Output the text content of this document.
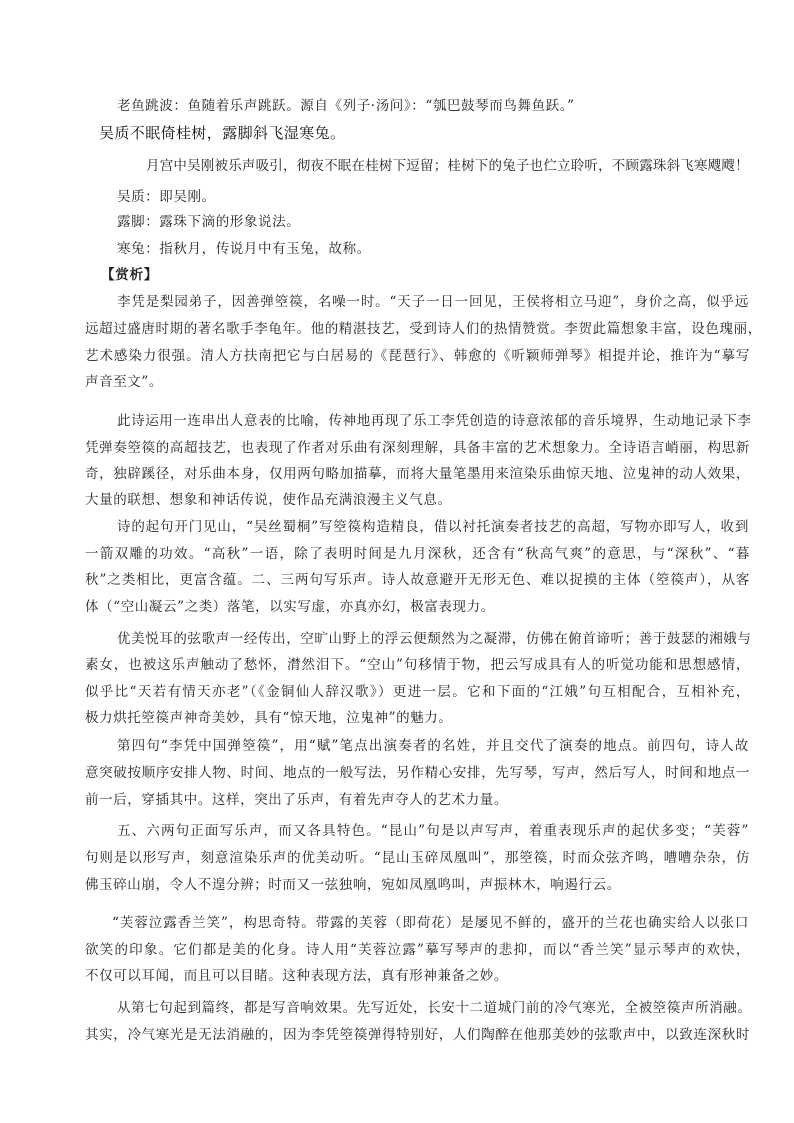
老鱼跳波：鱼随着乐声跳跃。源自《列子·汤问》：“瓠巴鼓琴而鸟舞鱼跃。”
吴质不眠倚桂树，露脚斜飞湿寒兔。
月宫中吴刚被乐声吸引，彻夜不眠在桂树下逗留；桂树下的兔子也伫立聆听，不顾露珠斜飞寒飕飕！
吴质：即吴刚。
露脚：露珠下滴的形象说法。
寒兔：指秋月，传说月中有玉兔，故称。
【赏析】
李凭是梨园弟子，因善弹箜篌，名噪一时。“天子一日一回见，王侯将相立马迎”，身价之高，似乎远
远超过盛唐时期的著名歌手李龟年。他的精湛技艺，受到诗人们的热情赞赏。李贺此篇想象丰富，设色瑰丽，
艺术感染力很强。清人方扶南把它与白居易的《琵琶行》、韩愈的《听颖师弹琴》相提并论，推许为“摹写
声音至文”。
此诗运用一连串出人意表的比喻，传神地再现了乐工李凭创造的诗意浓郁的音乐境界，生动地记录下李
凭弹奏箜篌的高超技艺，也表现了作者对乐曲有深刻理解，具备丰富的艺术想象力。全诗语言峭丽，构思新
奇，独辟蹊径，对乐曲本身，仅用两句略加描摹，而将大量笔墨用来渲染乐曲惊天地、泣鬼神的动人效果，
大量的联想、想象和神话传说，使作品充满浪漫主义气息。
诗的起句开门见山，“吴丝蜀桐”写箜篌构造精良，借以衬托演奏者技艺的高超，写物亦即写人，收到
一箭双雕的功效。“高秋”一语，除了表明时间是九月深秋，还含有“秋高气爽”的意思，与“深秋”、“暮
秋”之类相比，更富含蕴。二、三两句写乐声。诗人故意避开无形无色、难以捉摸的主体（箜篌声），从客
体（“空山凝云”之类）落笔，以实写虚，亦真亦幻，极富表现力。
优美悦耳的弦歌声一经传出，空旷山野上的浮云便颓然为之凝滞，仿佛在俯首谛听；善于鼓瑟的湘娥与
素女，也被这乐声触动了愁怀，潸然泪下。“空山”句移情于物，把云写成具有人的听觉功能和思想感情，
似乎比“天若有情天亦老”（《金铜仙人辞汉歌》）更进一层。它和下面的“江娥”句互相配合，互相补充，
极力烘托箜篌声神奇美妙，具有“惊天地，泣鬼神”的魅力。
第四句“李凭中国弹箜篌”，用“赋”笔点出演奏者的名姓，并且交代了演奏的地点。前四句，诗人故
意突破按顺序安排人物、时间、地点的一般写法，另作精心安排，先写琴，写声，然后写人，时间和地点一
前一后，穿插其中。这样，突出了乐声，有着先声夺人的艺术力量。
五、六两句正面写乐声，而又各具特色。“昆山”句是以声写声，着重表现乐声的起伏多变；“芙蓉”
句则是以形写声，刻意渲染乐声的优美动听。“昆山玉碎凤凰叫”，那箜篌，时而众弦齐鸣，嘈嘈杂杂，仿
佛玉碎山崩，令人不遑分辨；时而又一弦独响，宛如凤凰鸣叫，声振林木，响遏行云。
“芙蓉泣露香兰笑”，构思奇特。带露的芙蓉（即荷花）是屡见不鲜的，盛开的兰花也确实给人以张口
欲笑的印象。它们都是美的化身。诗人用“芙蓉泣露”摹写琴声的悲抑，而以“香兰笑”显示琴声的欢快，
不仅可以耳闻，而且可以目睹。这种表现方法，真有形神兼备之妙。
从第七句起到篇终，都是写音响效果。先写近处，长安十二道城门前的冷气寒光，全被箜篌声所消融。
其实，冷气寒光是无法消融的，因为李凭箜篌弹得特别好，人们陶醉在他那美妙的弦歌声中，以致连深秋时
